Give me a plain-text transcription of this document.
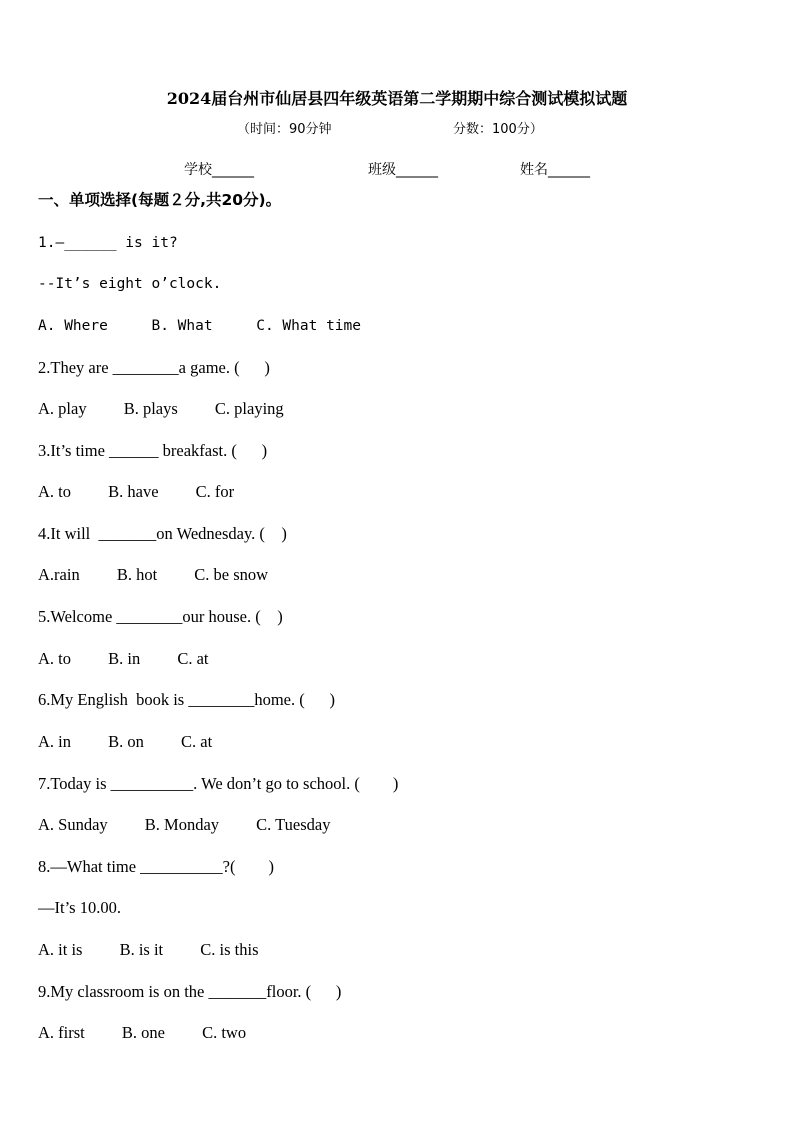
2024届台州市仙居县四年级英语第二学期期中综合测试模拟试题
（时间：90分钟	分数：100分）
学校______	班级______	姓名______
一、单项选择(每题２分,共20分)。
1.—______ is it?
--It’s eight o’clock.
A. Where     B. What     C. What time
2.They are ________a game. (      )
A. play         B. plays         C. playing
3.It’s time ______ breakfast. (      )
A. to         B. have         C. for
4.It will  _______on Wednesday. (    )
A.rain         B. hot         C. be snow
5.Welcome ________our house. (    )
A. to         B. in         C. at
6.My English  book is ________home. (      )
A. in         B. on         C. at
7.Today is __________. We don’t go to school. (        )
A. Sunday         B. Monday         C. Tuesday
8.—What time __________?(        )
—It’s 10.00.
A. it is         B. is it         C. is this
9.My classroom is on the _______floor. (      )
A. first         B. one         C. two
